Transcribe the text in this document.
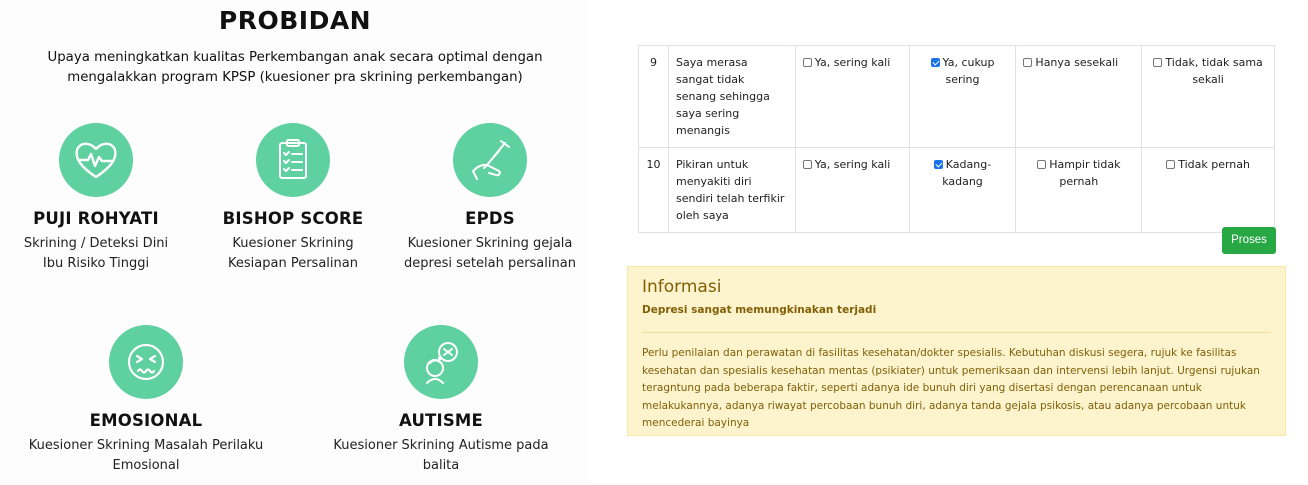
PROBIDAN
Upaya meningkatkan kualitas Perkembangan anak secara optimal dengan mengalakkan program KPSP (kuesioner pra skrining perkembangan)
PUJI ROHYATI
Skrining / Deteksi Dini Ibu Risiko Tinggi
BISHOP SCORE
Kuesioner Skrining Kesiapan Persalinan
EPDS
Kuesioner Skrining gejala depresi setelah persalinan
EMOSIONAL
Kuesioner Skrining Masalah Perilaku Emosional
AUTISME
Kuesioner Skrining Autisme pada balita
9	Saya merasa sangat tidak senang sehingga saya sering menangis	Ya, sering kali	Ya, cukup sering	Hanya sesekali	Tidak, tidak sama sekali
10	Pikiran untuk menyakiti diri sendiri telah terfikir oleh saya	Ya, sering kali	Kadang-kadang	Hampir tidak pernah	Tidak pernah
Proses
Informasi
Depresi sangat memungkinakan terjadi
Perlu penilaian dan perawatan di fasilitas kesehatan/dokter spesialis. Kebutuhan diskusi segera, rujuk ke fasilitas kesehatan dan spesialis kesehatan mentas (psikiater) untuk pemeriksaan dan intervensi lebih lanjut. Urgensi rujukan teragntung pada beberapa faktir, seperti adanya ide bunuh diri yang disertasi dengan perencanaan untuk melakukannya, adanya riwayat percobaan bunuh diri, adanya tanda gejala psikosis, atau adanya percobaan untuk mencederai bayinya
